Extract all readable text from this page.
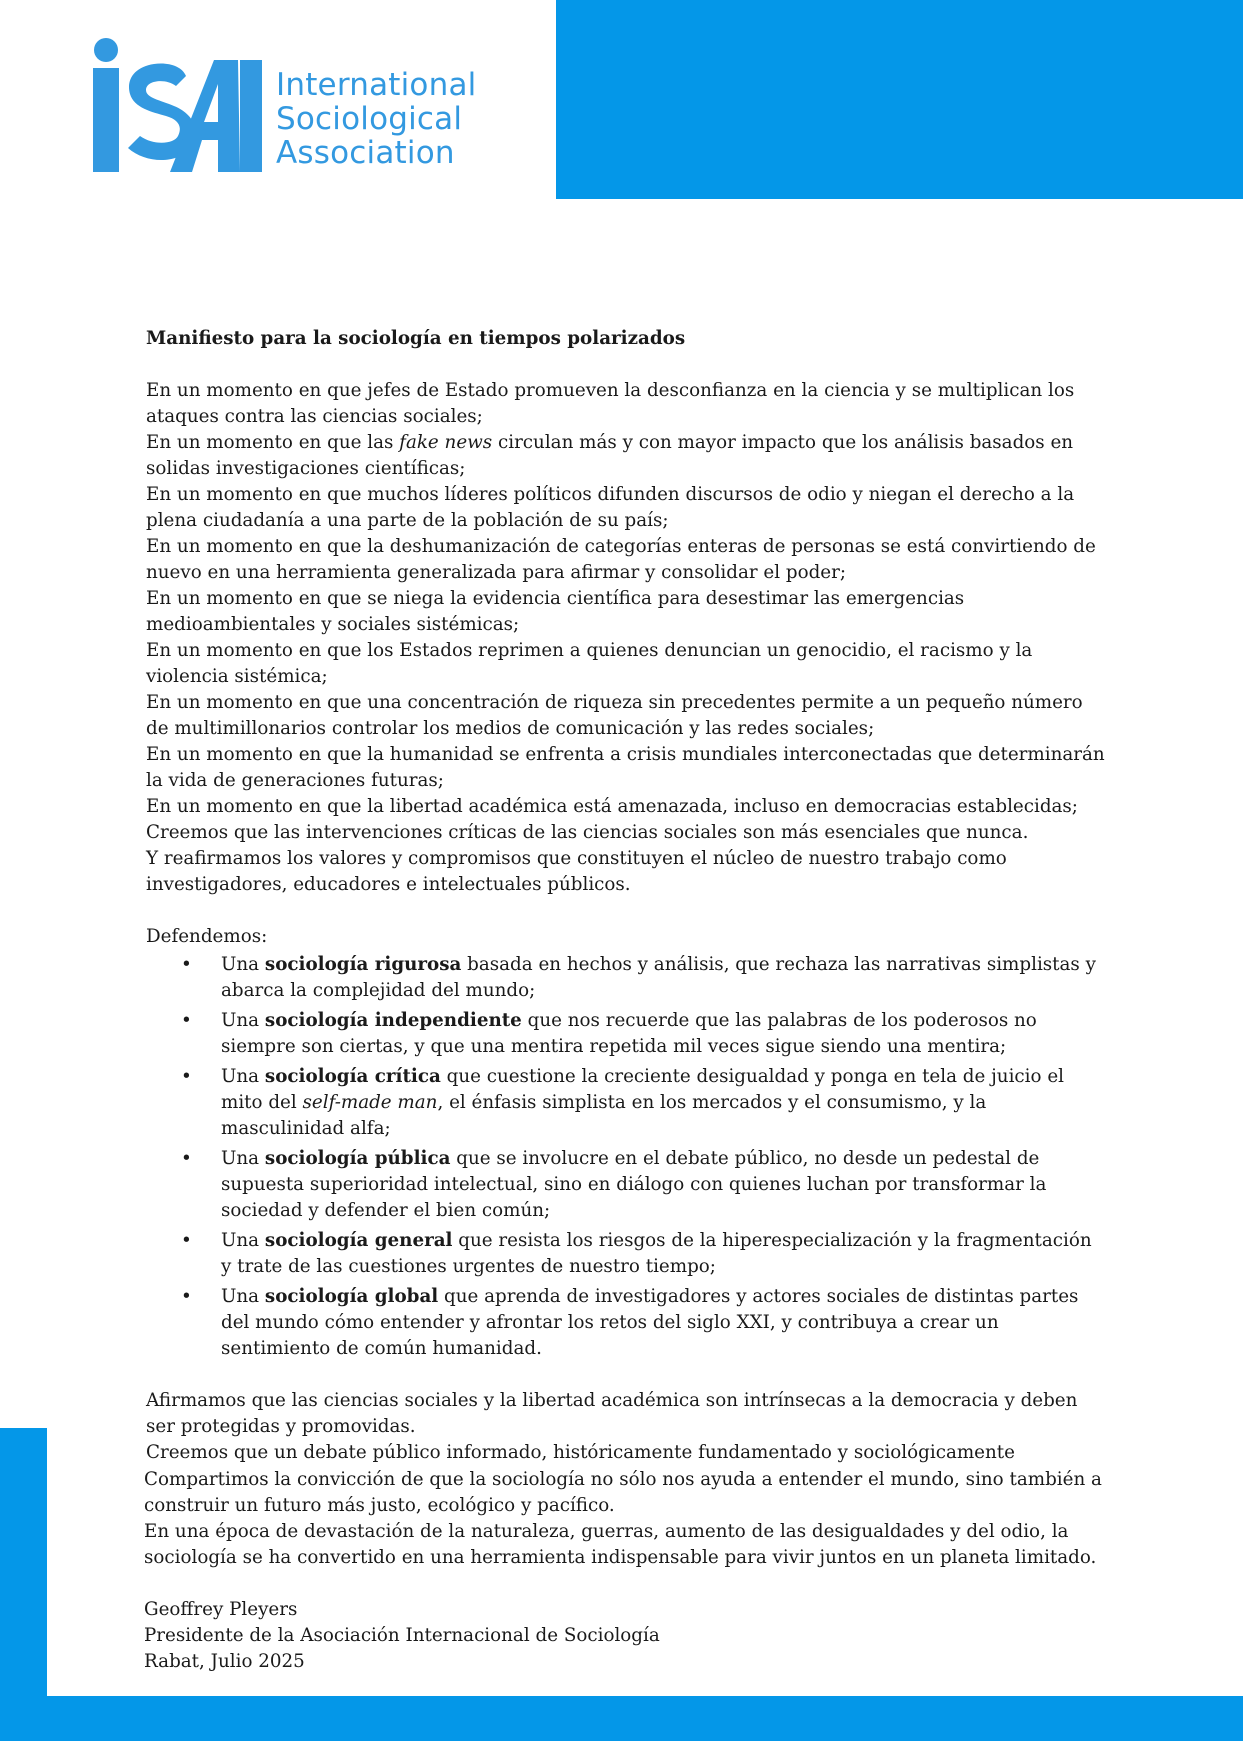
International
Sociological
Association

Manifiesto para la sociología en tiempos polarizados

En un momento en que jefes de Estado promueven la desconfianza en la ciencia y se multiplican los ataques contra las ciencias sociales;

En un momento en que las fake news circulan más y con mayor impacto que los análisis basados en solidas investigaciones científicas;

En un momento en que muchos líderes políticos difunden discursos de odio y niegan el derecho a la plena ciudadanía a una parte de la población de su país;

En un momento en que la deshumanización de categorías enteras de personas se está convirtiendo de nuevo en una herramienta generalizada para afirmar y consolidar el poder;

En un momento en que se niega la evidencia científica para desestimar las emergencias medioambientales y sociales sistémicas;

En un momento en que los Estados reprimen a quienes denuncian un genocidio, el racismo y la violencia sistémica;

En un momento en que una concentración de riqueza sin precedentes permite a un pequeño número de multimillonarios controlar los medios de comunicación y las redes sociales;

En un momento en que la humanidad se enfrenta a crisis mundiales interconectadas que determinarán la vida de generaciones futuras;

En un momento en que la libertad académica está amenazada, incluso en democracias establecidas;

Creemos que las intervenciones críticas de las ciencias sociales son más esenciales que nunca.

Y reafirmamos los valores y compromisos que constituyen el núcleo de nuestro trabajo como investigadores, educadores e intelectuales públicos.

Defendemos:

• Una sociología rigurosa basada en hechos y análisis, que rechaza las narrativas simplistas y abarca la complejidad del mundo;
• Una sociología independiente que nos recuerde que las palabras de los poderosos no siempre son ciertas, y que una mentira repetida mil veces sigue siendo una mentira;
• Una sociología crítica que cuestione la creciente desigualdad y ponga en tela de juicio el mito del self-made man, el énfasis simplista en los mercados y el consumismo, y la masculinidad alfa;
• Una sociología pública que se involucre en el debate público, no desde un pedestal de supuesta superioridad intelectual, sino en diálogo con quienes luchan por transformar la sociedad y defender el bien común;
• Una sociología general que resista los riesgos de la hiperespecialización y la fragmentación y trate de las cuestiones urgentes de nuestro tiempo;
• Una sociología global que aprenda de investigadores y actores sociales de distintas partes del mundo cómo entender y afrontar los retos del siglo XXI, y contribuya a crear un sentimiento de común humanidad.

Afirmamos que las ciencias sociales y la libertad académica son intrínsecas a la democracia y deben ser protegidas y promovidas.

Creemos que un debate público informado, históricamente fundamentado y sociológicamente

Compartimos la convicción de que la sociología no sólo nos ayuda a entender el mundo, sino también a construir un futuro más justo, ecológico y pacífico.

En una época de devastación de la naturaleza, guerras, aumento de las desigualdades y del odio, la sociología se ha convertido en una herramienta indispensable para vivir juntos en un planeta limitado.

Geoffrey Pleyers

Presidente de la Asociación Internacional de Sociología

Rabat, Julio 2025
